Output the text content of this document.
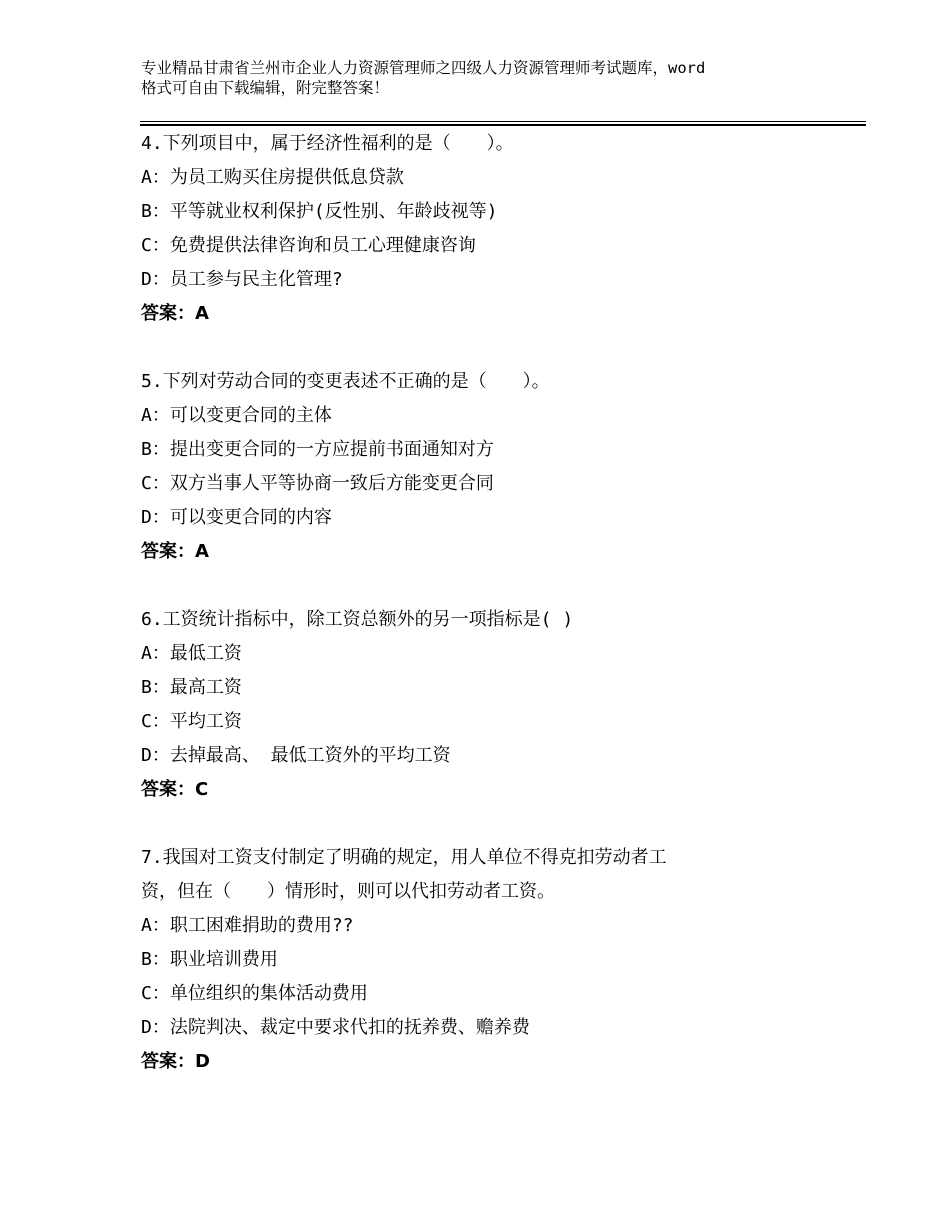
专业精品甘肃省兰州市企业人力资源管理师之四级人力资源管理师考试题库，word
格式可自由下载编辑，附完整答案！
4.下列项目中，属于经济性福利的是（　　）。
A：为员工购买住房提供低息贷款
B：平等就业权利保护(反性别、年龄歧视等)
C：免费提供法律咨询和员工心理健康咨询
D：员工参与民主化管理?
答案：A
5.下列对劳动合同的变更表述不正确的是（　　）。
A：可以变更合同的主体
B：提出变更合同的一方应提前书面通知对方
C：双方当事人平等协商一致后方能变更合同
D：可以变更合同的内容
答案：A
6.工资统计指标中，除工资总额外的另一项指标是( )
A：最低工资
B：最高工资
C：平均工资
D：去掉最高、 最低工资外的平均工资
答案：C
7.我国对工资支付制定了明确的规定，用人单位不得克扣劳动者工
资，但在（　　）情形时，则可以代扣劳动者工资。
A：职工困难捐助的费用??
B：职业培训费用
C：单位组织的集体活动费用
D：法院判决、裁定中要求代扣的抚养费、赡养费
答案：D
